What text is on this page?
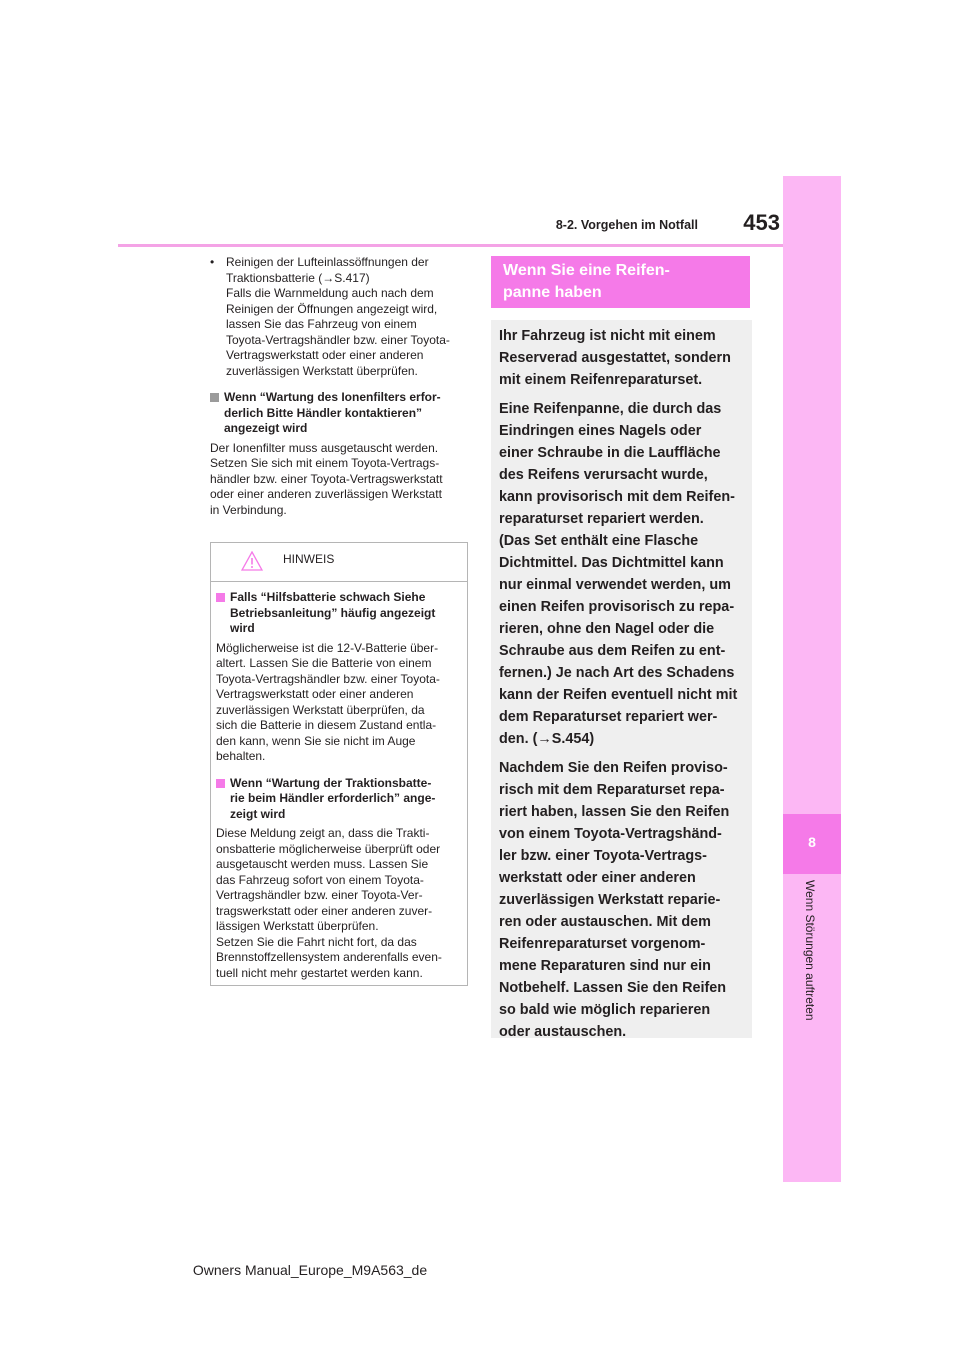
8-2. Vorgehen im Notfall	453
8
Wenn Störungen auftreten
• Reinigen der Lufteinlassöffnungen der
Traktionsbatterie (→S.417)
Falls die Warnmeldung auch nach dem
Reinigen der Öffnungen angezeigt wird,
lassen Sie das Fahrzeug von einem
Toyota-Vertragshändler bzw. einer Toyota-
Vertragswerkstatt oder einer anderen
zuverlässigen Werkstatt überprüfen.
Wenn “Wartung des Ionenfilters erfor-
derlich Bitte Händler kontaktieren”
angezeigt wird
Der Ionenfilter muss ausgetauscht werden.
Setzen Sie sich mit einem Toyota-Vertrags-
händler bzw. einer Toyota-Vertragswerkstatt
oder einer anderen zuverlässigen Werkstatt
in Verbindung.
HINWEIS
Falls “Hilfsbatterie schwach Siehe
Betriebsanleitung” häufig angezeigt
wird
Möglicherweise ist die 12-V-Batterie über-
altert. Lassen Sie die Batterie von einem
Toyota-Vertragshändler bzw. einer Toyota-
Vertragswerkstatt oder einer anderen
zuverlässigen Werkstatt überprüfen, da
sich die Batterie in diesem Zustand entla-
den kann, wenn Sie sie nicht im Auge
behalten.
Wenn “Wartung der Traktionsbatte-
rie beim Händler erforderlich” ange-
zeigt wird
Diese Meldung zeigt an, dass die Trakti-
onsbatterie möglicherweise überprüft oder
ausgetauscht werden muss. Lassen Sie
das Fahrzeug sofort von einem Toyota-
Vertragshändler bzw. einer Toyota-Ver-
tragswerkstatt oder einer anderen zuver-
lässigen Werkstatt überprüfen.
Setzen Sie die Fahrt nicht fort, da das
Brennstoffzellensystem anderenfalls even-
tuell nicht mehr gestartet werden kann.
Wenn Sie eine Reifen-
panne haben

Ihr Fahrzeug ist nicht mit einem
Reserverad ausgestattet, sondern
mit einem Reifenreparaturset.

Eine Reifenpanne, die durch das
Eindringen eines Nagels oder
einer Schraube in die Lauffläche
des Reifens verursacht wurde,
kann provisorisch mit dem Reifen-
reparaturset repariert werden.
(Das Set enthält eine Flasche
Dichtmittel. Das Dichtmittel kann
nur einmal verwendet werden, um
einen Reifen provisorisch zu repa-
rieren, ohne den Nagel oder die
Schraube aus dem Reifen zu ent-
fernen.) Je nach Art des Schadens
kann der Reifen eventuell nicht mit
dem Reparaturset repariert wer-
den. (→S.454)

Nachdem Sie den Reifen proviso-
risch mit dem Reparaturset repa-
riert haben, lassen Sie den Reifen
von einem Toyota-Vertragshänd-
ler bzw. einer Toyota-Vertrags-
werkstatt oder einer anderen
zuverlässigen Werkstatt reparie-
ren oder austauschen. Mit dem
Reifenreparaturset vorgenom-
mene Reparaturen sind nur ein
Notbehelf. Lassen Sie den Reifen
so bald wie möglich reparieren
oder austauschen.

Owners Manual_Europe_M9A563_de
